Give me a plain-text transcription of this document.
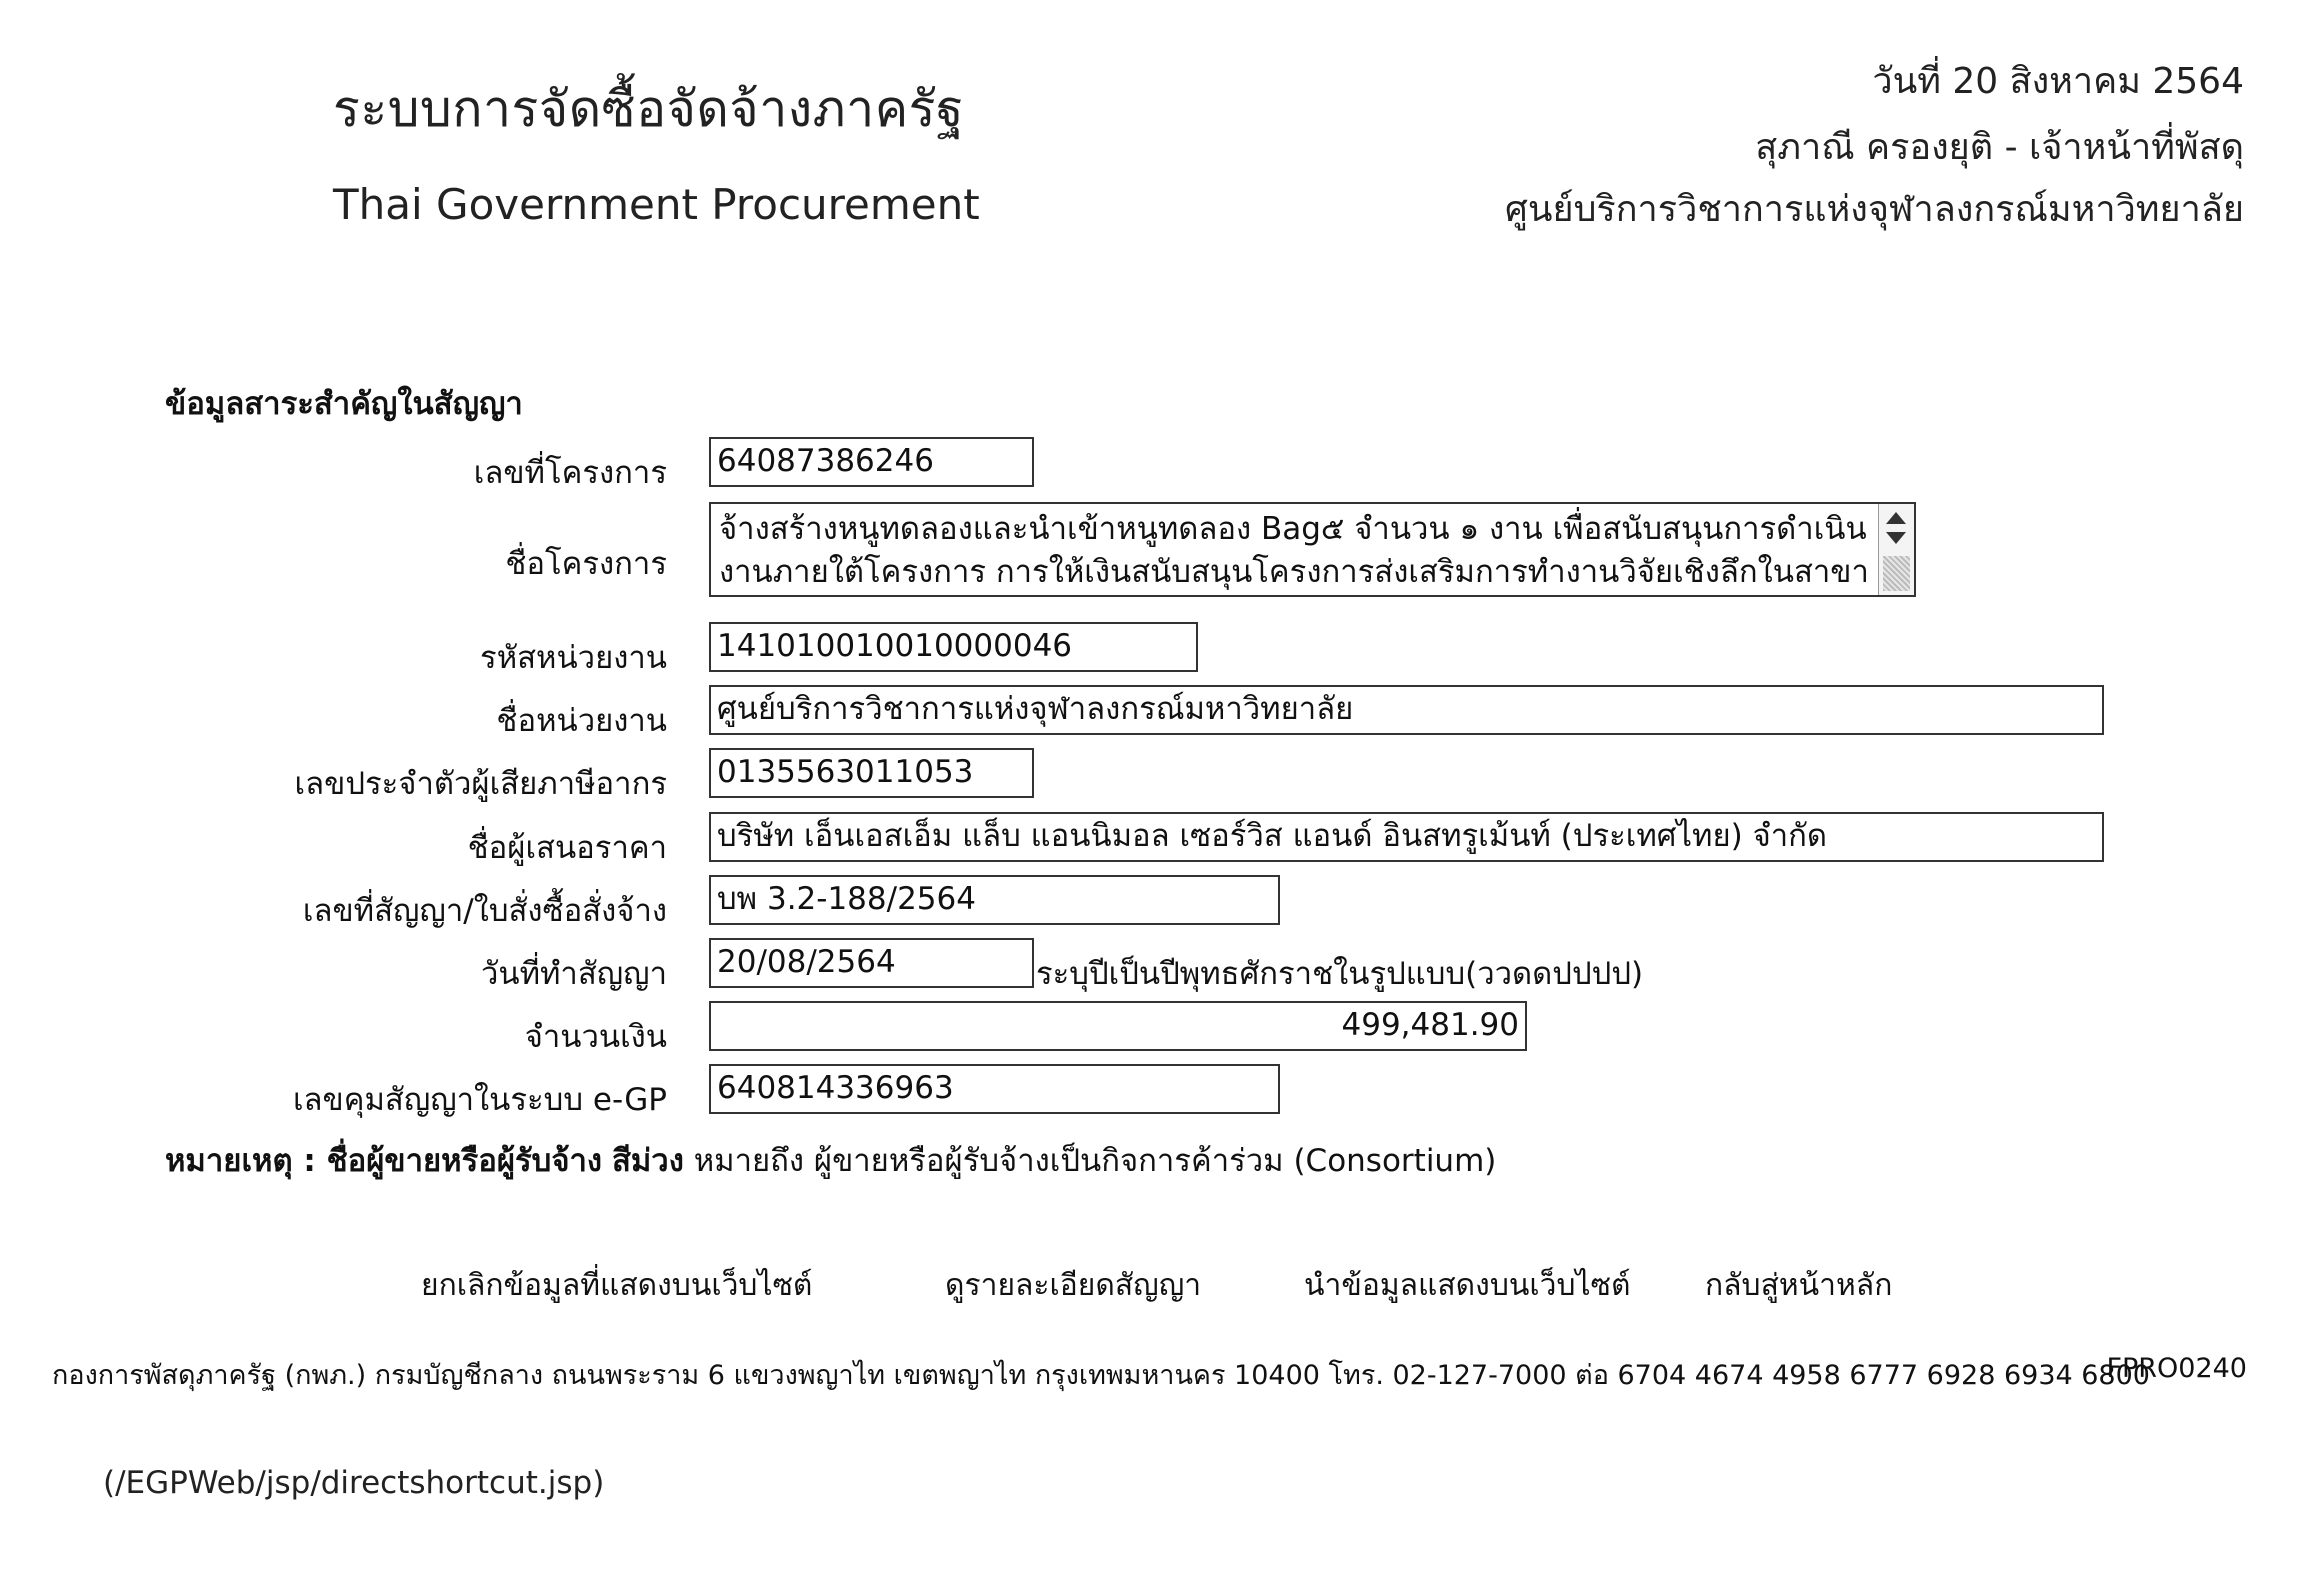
ระบบการจัดซื้อจัดจ้างภาครัฐ
Thai Government Procurement
วันที่ 20 สิงหาคม 2564
สุภาณี ครองยุติ - เจ้าหน้าที่พัสดุ
ศูนย์บริการวิชาการแห่งจุฬาลงกรณ์มหาวิทยาลัย
ข้อมูลสาระสำคัญในสัญญา
เลขที่โครงการ 64087386246
ชื่อโครงการ
จ้างสร้างหนูทดลองและนำเข้าหนูทดลอง Bag๕ จำนวน ๑ งาน เพื่อสนับสนุนการดำเนิน
งานภายใต้โครงการ การให้เงินสนับสนุนโครงการส่งเสริมการทำงานวิจัยเชิงลึกในสาขา
รหัสหน่วยงาน 141010010010000046
ชื่อหน่วยงาน ศูนย์บริการวิชาการแห่งจุฬาลงกรณ์มหาวิทยาลัย
เลขประจำตัวผู้เสียภาษีอากร 0135563011053
ชื่อผู้เสนอราคา บริษัท เอ็นเอสเอ็ม แล็บ แอนนิมอล เซอร์วิส แอนด์ อินสทรูเม้นท์ (ประเทศไทย) จำกัด
เลขที่สัญญา/ใบสั่งซื้อสั่งจ้าง บพ 3.2-188/2564
วันที่ทำสัญญา 20/08/2564	ระบุปีเป็นปีพุทธศักราชในรูปแบบ(ววดดปปปป)
จำนวนเงิน	499,481.90
เลขคุมสัญญาในระบบ e-GP 640814336963
หมายเหตุ : ชื่อผู้ขายหรือผู้รับจ้าง สีม่วง หมายถึง ผู้ขายหรือผู้รับจ้างเป็นกิจการค้าร่วม (Consortium)
ยกเลิกข้อมูลที่แสดงบนเว็บไซต์	ดูรายละเอียดสัญญา	นำข้อมูลแสดงบนเว็บไซต์ กลับสู่หน้าหลัก
กองการพัสดุภาครัฐ (กพภ.) กรมบัญชีกลาง ถนนพระราม 6 แขวงพญาไท เขตพญาไท กรุงเทพมหานคร 10400 โทร. 02-127-7000 ต่อ 6704 4674 4958 6777 6928 6934 6800
FPRO0240
(/EGPWeb/jsp/directshortcut.jsp)
